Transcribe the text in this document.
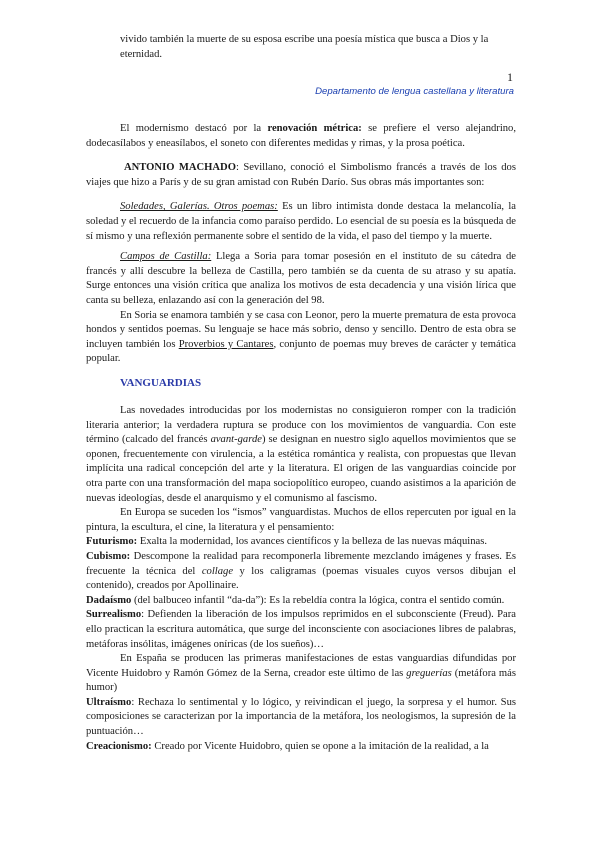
vivido también la muerte de su esposa escribe una poesía mística que busca a Dios y la eternidad.
1
Departamento de lengua castellana y literatura

El modernismo destacó por la renovación métrica: se prefiere el verso alejandrino, dodecasílabos y eneasílabos, el soneto con diferentes medidas y rimas, y la prosa poética.

ANTONIO MACHADO: Sevillano, conoció el Simbolismo francés a través de los dos viajes que hizo a París y de su gran amistad con Rubén Darío. Sus obras más importantes son:

Soledades, Galerías. Otros poemas: Es un libro intimista donde destaca la melancolía, la soledad y el recuerdo de la infancia como paraíso perdido. Lo esencial de su poesía es la búsqueda de sí mismo y una reflexión permanente sobre el sentido de la vida, el paso del tiempo y la muerte.

Campos de Castilla: Llega a Soria para tomar posesión en el instituto de su cátedra de francés y allí descubre la belleza de Castilla, pero también se da cuenta de su atraso y su apatía. Surge entonces una visión crítica que analiza los motivos de esta decadencia y una visión lírica que canta su belleza, enlazando así con la generación del 98.

En Soria se enamora también y se casa con Leonor, pero la muerte prematura de esta provoca hondos y sentidos poemas. Su lenguaje se hace más sobrio, denso y sencillo. Dentro de esta obra se incluyen también los Proverbios y Cantares, conjunto de poemas muy breves de carácter y temática popular.

VANGUARDIAS

Las novedades introducidas por los modernistas no consiguieron romper con la tradición literaria anterior; la verdadera ruptura se produce con los movimientos de vanguardia. Con este término (calcado del francés avant-garde) se designan en nuestro siglo aquellos movimientos que se oponen, frecuentemente con virulencia, a la estética romántica y realista, con propuestas que llevan implícita una radical concepción del arte y la literatura. El origen de las vanguardias coincide por otra parte con una transformación del mapa sociopolítico europeo, cuando asistimos a la aparición de nuevas ideologías, desde el anarquismo y el comunismo al fascismo.

En Europa se suceden los “ismos” vanguardistas. Muchos de ellos repercuten por igual en la pintura, la escultura, el cine, la literatura y el pensamiento:

Futurismo: Exalta la modernidad, los avances científicos y la belleza de las nuevas máquinas.

Cubismo: Descompone la realidad para recomponerla libremente mezclando imágenes y frases. Es frecuente la técnica del collage y los caligramas (poemas visuales cuyos versos dibujan el contenido), creados por Apollinaire.

Dadaísmo (del balbuceo infantil “da-da”): Es la rebeldía contra la lógica, contra el sentido común.

Surrealismo: Defienden la liberación de los impulsos reprimidos en el subconsciente (Freud). Para ello practican la escritura automática, que surge del inconsciente con asociaciones libres de palabras, metáforas insólitas, imágenes oníricas (de los sueños)…

En España se producen las primeras manifestaciones de estas vanguardias difundidas por Vicente Huidobro y Ramón Gómez de la Serna, creador este último de las greguerías (metáfora más humor)

Ultraísmo: Rechaza lo sentimental y lo lógico, y reivindican el juego, la sorpresa y el humor. Sus composiciones se caracterizan por la importancia de la metáfora, los neologismos, la supresión de la puntuación…

Creacionismo: Creado por Vicente Huidobro, quien se opone a la imitación de la realidad, a la
